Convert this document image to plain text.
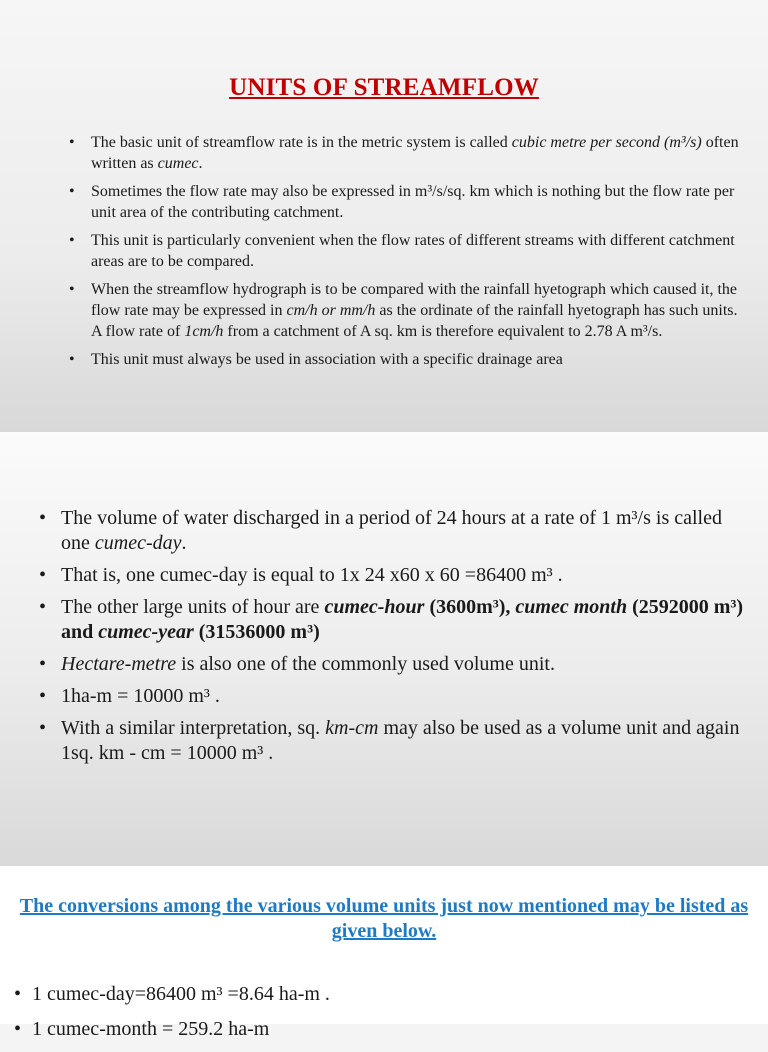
UNITS OF STREAMFLOW
• The basic unit of streamflow rate is in the metric system is called cubic metre per second (m³/s) often written as cumec.
• Sometimes the flow rate may also be expressed in m³/s/sq. km which is nothing but the flow rate per unit area of the contributing catchment.
• This unit is particularly convenient when the flow rates of different streams with different catchment areas are to be compared.
• When the streamflow hydrograph is to be compared with the rainfall hyetograph which caused it, the flow rate may be expressed in cm/h or mm/h as the ordinate of the rainfall hyetograph has such units. A flow rate of 1cm/h from a catchment of A sq. km is therefore equivalent to 2.78 A m³/s.
• This unit must always be used in association with a specific drainage area
• The volume of water discharged in a period of 24 hours at a rate of 1 m³/s is called one cumec-day.
• That is, one cumec-day is equal to 1x 24 x60 x 60 =86400 m³ .
• The other large units of hour are cumec-hour (3600m³), cumec month (2592000 m³) and cumec-year (31536000 m³)
• Hectare-metre is also one of the commonly used volume unit.
• 1ha-m = 10000 m³ .
• With a similar interpretation, sq. km-cm may also be used as a volume unit and again 1sq. km - cm = 10000 m³ .
The conversions among the various volume units just now mentioned may be listed as given below.
• 1 cumec-day=86400 m³ =8.64 ha-m .
• 1 cumec-month = 259.2 ha-m
